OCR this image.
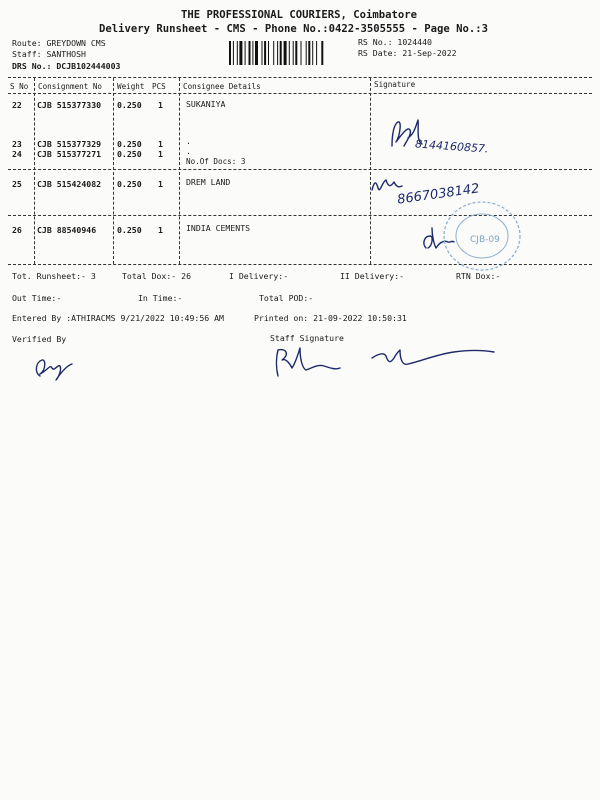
THE PROFESSIONAL COURIERS, Coimbatore
Delivery Runsheet - CMS - Phone No.:0422-3505555 - Page No.:3
Route: GREYDOWN CMS
Staff: SANTHOSH
DRS No.: DCJB102444003
RS No.: 1024440
RS Date: 21-Sep-2022
S No Consignment No Weight PCS Consignee Details	Signature
22 CJB 515377330 0.250 1	SUKANIYA
23 CJB 515377329 0.250 1	.
24 CJB 515377271 0.250 1	.
No.Of Docs: 3
25 CJB 515424082 0.250 1	DREM LAND
26 CJB 88540946	0.250 1	INDIA CEMENTS
8144160857.
8667038142
CJB-09
Tot. Runsheet:- 3	Total Dox:- 26	I Delivery:-	II Delivery:-	RTN Dox:-
Out Time:-	In Time:-	Total POD:-
Entered By :ATHIRACMS 9/21/2022 10:49:56 AM	Printed on: 21-09-2022 10:50:31
Verified By	Staff Signature
